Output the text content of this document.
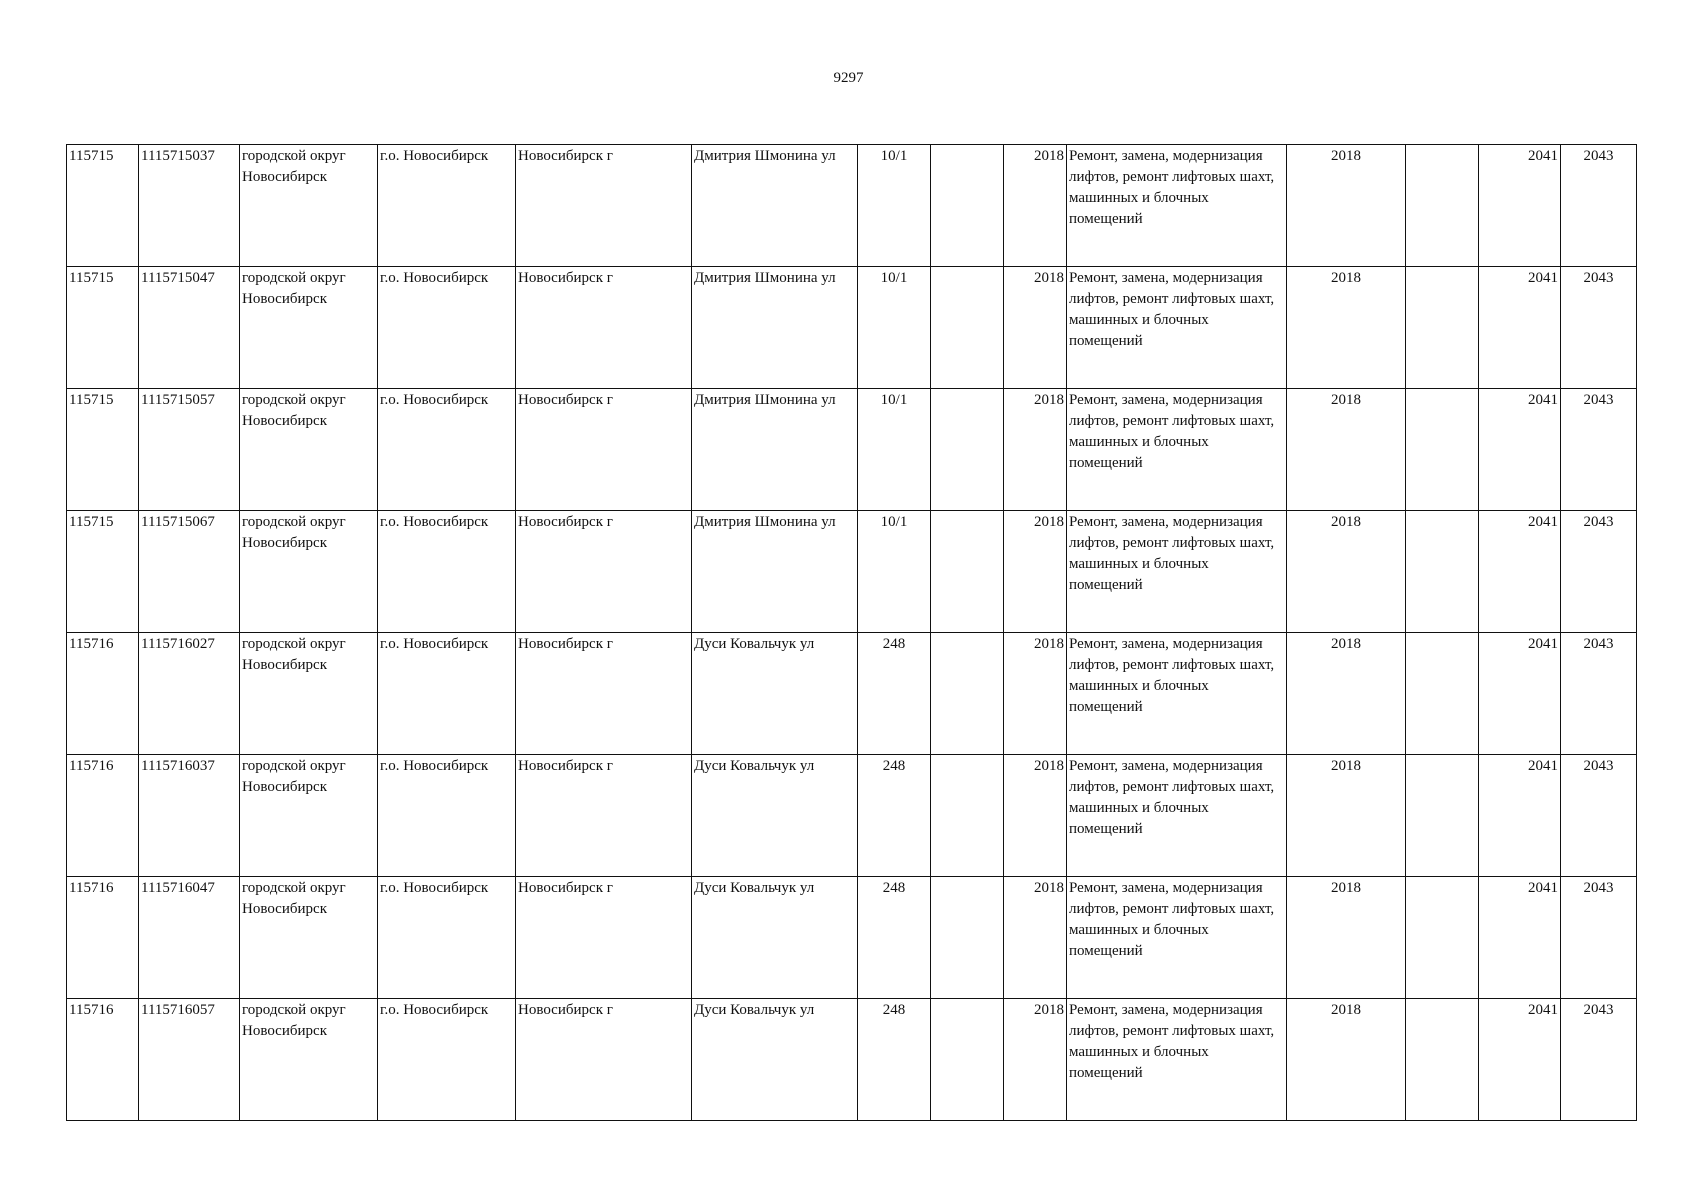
9297
115715	1115715037	городской округ Новосибирск	г.о. Новосибирск	Новосибирск г	Дмитрия Шмонина ул	10/1		2018	Ремонт, замена, модернизация лифтов, ремонт лифтовых шахт, машинных и блочных помещений	2018		2041	2043
115715	1115715047	городской округ Новосибирск	г.о. Новосибирск	Новосибирск г	Дмитрия Шмонина ул	10/1		2018	Ремонт, замена, модернизация лифтов, ремонт лифтовых шахт, машинных и блочных помещений	2018		2041	2043
115715	1115715057	городской округ Новосибирск	г.о. Новосибирск	Новосибирск г	Дмитрия Шмонина ул	10/1		2018	Ремонт, замена, модернизация лифтов, ремонт лифтовых шахт, машинных и блочных помещений	2018		2041	2043
115715	1115715067	городской округ Новосибирск	г.о. Новосибирск	Новосибирск г	Дмитрия Шмонина ул	10/1		2018	Ремонт, замена, модернизация лифтов, ремонт лифтовых шахт, машинных и блочных помещений	2018		2041	2043
115716	1115716027	городской округ Новосибирск	г.о. Новосибирск	Новосибирск г	Дуси Ковальчук ул	248		2018	Ремонт, замена, модернизация лифтов, ремонт лифтовых шахт, машинных и блочных помещений	2018		2041	2043
115716	1115716037	городской округ Новосибирск	г.о. Новосибирск	Новосибирск г	Дуси Ковальчук ул	248		2018	Ремонт, замена, модернизация лифтов, ремонт лифтовых шахт, машинных и блочных помещений	2018		2041	2043
115716	1115716047	городской округ Новосибирск	г.о. Новосибирск	Новосибирск г	Дуси Ковальчук ул	248		2018	Ремонт, замена, модернизация лифтов, ремонт лифтовых шахт, машинных и блочных помещений	2018		2041	2043
115716	1115716057	городской округ Новосибирск	г.о. Новосибирск	Новосибирск г	Дуси Ковальчук ул	248		2018	Ремонт, замена, модернизация лифтов, ремонт лифтовых шахт, машинных и блочных помещений	2018		2041	2043
